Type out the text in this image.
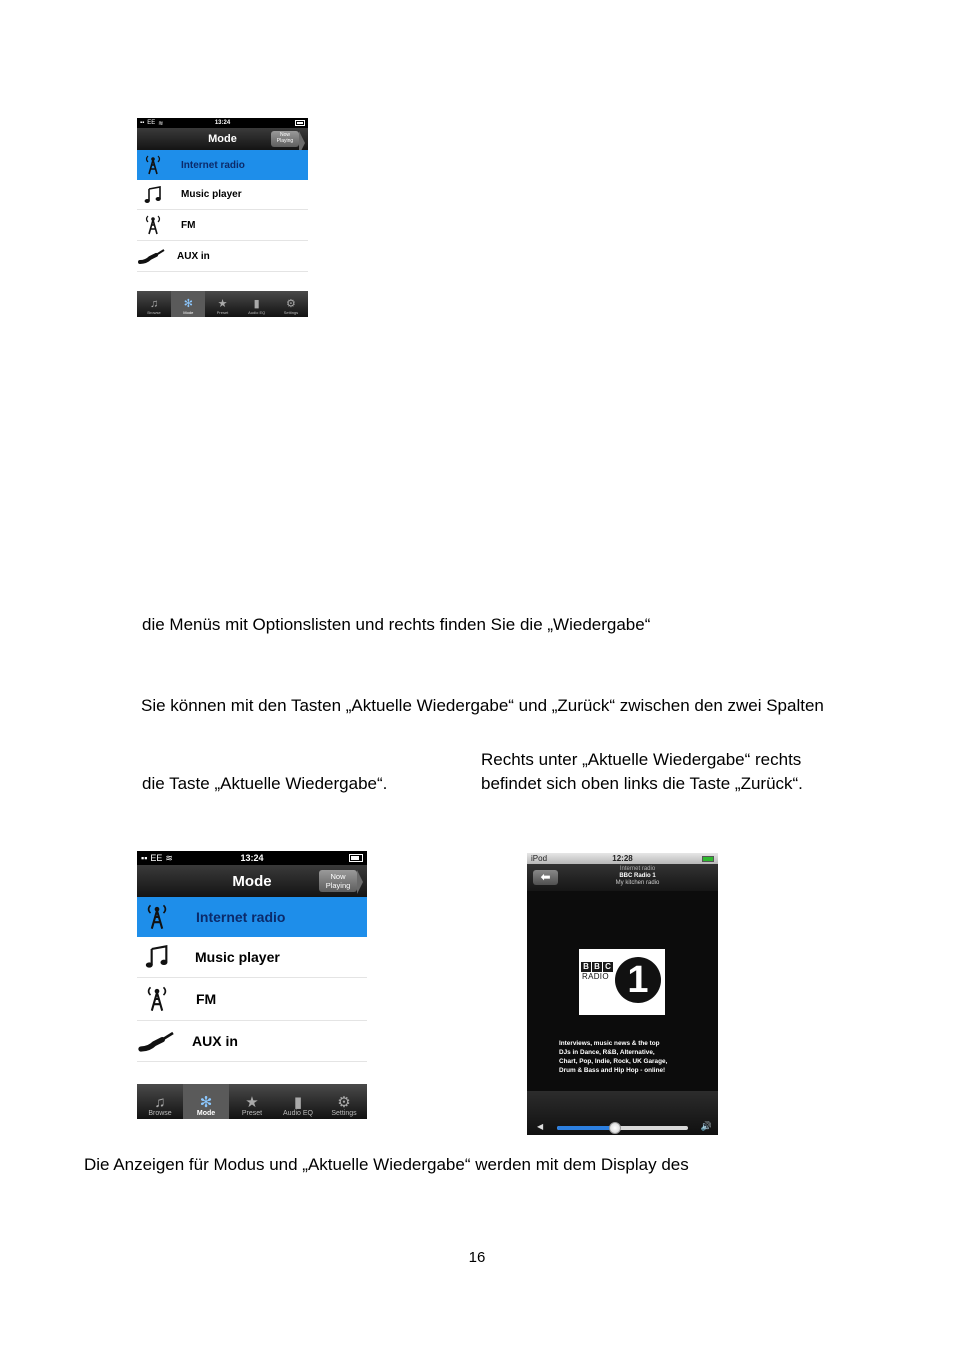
▪▪ EE ≋	13:24
Mode	Now
Playing
Internet radio
Music player
FM
AUX in
♫
Browse
✻
Mode
★
Preset
▮
Audio EQ
⚙
Settings
die Menüs mit Optionslisten und rechts finden Sie die „Wiedergabe“
Sie können mit den Tasten „Aktuelle Wiedergabe“ und „Zurück“ zwischen den zwei Spalten
die Taste „Aktuelle Wiedergabe“.
Rechts unter „Aktuelle Wiedergabe“ rechts
befindet sich oben links die Taste „Zurück“.
▪▪ EE ≋	13:24
Mode	Now
Playing
Internet radio
Music player
FM
AUX in
♫
Browse
✻
Mode
★
Preset
▮
Audio EQ
⚙
Settings
iPod	12:28
⬅
Internet radio
BBC Radio 1
My kitchen radio
B B C
RADIO 1
Interviews, music news & the top
DJs in Dance, R&B, Alternative,
Chart, Pop, Indie, Rock, UK Garage,
Drum & Bass and Hip Hop - online!
◀	🔊
Die Anzeigen für Modus und „Aktuelle Wiedergabe“ werden mit dem Display des
16
